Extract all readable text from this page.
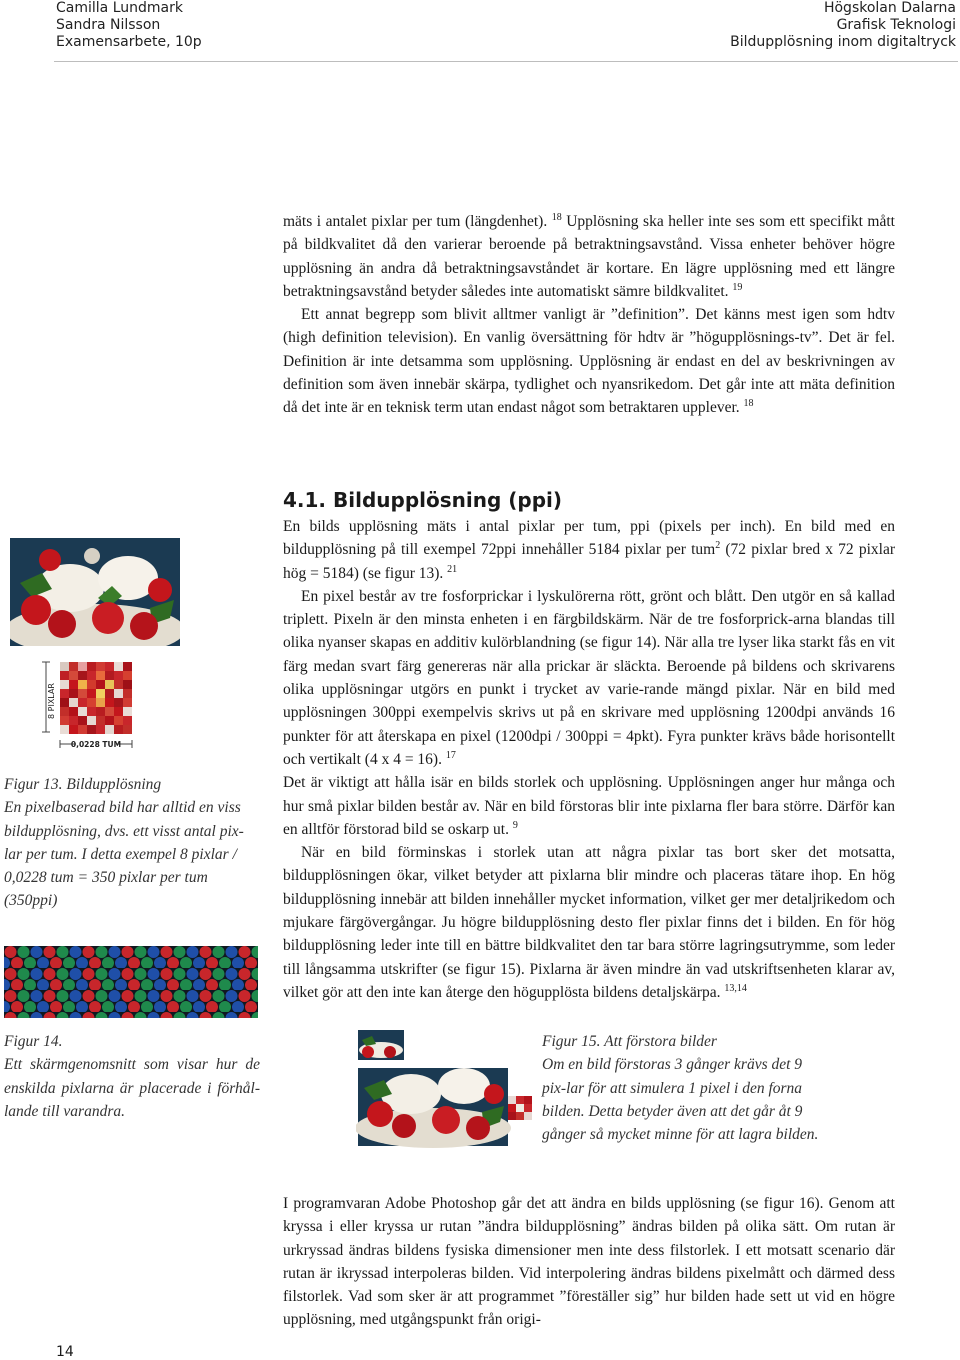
Camilla Lundmark
Sandra Nilsson
Examensarbete, 10p
Högskolan Dalarna
Grafisk Teknologi
Bildupplösning inom digitaltryck

mäts i antalet pixlar per tum (längdenhet). $^{18}$ Upplösning ska heller inte ses som ett specifikt mått på bildkvalitet då den varierar beroende på betraktningsavstånd. Vissa enheter behöver högre upplösning än andra då betraktningsavståndet är kortare. En lägre upplösning med ett längre betraktningsavstånd betyder således inte automatiskt sämre bildkvalitet. $^{19}$

Ett annat begrepp som blivit alltmer vanligt är ”definition”. Det känns mest igen som hdtv (high definition television). En vanlig översättning för hdtv är ”högupplösnings-tv”. Det är fel. Definition är inte detsamma som upplösning. Upplösning är endast en del av beskrivningen av definition som även innebär skärpa, tydlighet och nyansrikedom. Det går inte att mäta definition då det inte är en teknisk term utan endast något som betraktaren upplever. $^{18}$

4.1. Bildupplösning (ppi)

En bilds upplösning mäts i antal pixlar per tum, ppi (pixels per inch). En bild med en bildupplösning på till exempel 72ppi innehåller 5184 pixlar per tum$^2$ (72 pixlar bred x 72 pixlar hög = 5184) (se figur 13). $^{21}$

En pixel består av tre fosforprickar i lyskulörerna rött, grönt och blått. Den utgör en så kallad triplett. Pixeln är den minsta enheten i en färgbildskärm. När de tre fosforprick-arna blandas till olika nyanser skapas en additiv kulörblandning (se figur 14). När alla tre lyser lika starkt fås en vit färg medan svart färg genereras när alla prickar är släckta. Beroende på bildens och skrivarens olika upplösningar utgörs en punkt i trycket av varie-rande mängd pixlar. När en bild med upplösningen 300ppi exempelvis skrivs ut på en skrivare med upplösning 1200dpi används 16 punkter för att återskapa en pixel (1200dpi / 300ppi = 4pkt). Fyra punkter krävs både horisontellt och vertikalt (4 x 4 = 16). $^{17}$

Det är viktigt att hålla isär en bilds storlek och upplösning. Upplösningen anger hur många och hur små pixlar bilden består av. När en bild förstoras blir inte pixlarna fler bara större. Därför kan en alltför förstorad bild se oskarp ut. $^9$

När en bild förminskas i storlek utan att några pixlar tas bort sker det motsatta, bildupplösningen ökar, vilket betyder att pixlarna blir mindre och placeras tätare ihop. En hög bildupplösning innebär att bilden innehåller mycket information, vilket ger mer detaljrikedom och mjukare färgövergångar. Ju högre bildupplösning desto fler pixlar finns det i bilden. En för hög bildupplösning leder inte till en bättre bildkvalitet den tar bara större lagringsutrymme, som leder till långsamma utskrifter (se figur 15). Pixlarna är även mindre än vad utskriftsenheten klarar av, vilket gör att den inte kan återge den högupplösta bildens detaljskärpa. $^{13,14}$

8 PIXLAR
0,0228 TUM

Figur 13. Bildupplösning

En pixelbaserad bild har alltid en viss bildupplösning, dvs. ett visst antal pix-lar per tum. I detta exempel 8 pixlar / 0,0228 tum = 350 pixlar per tum (350ppi)

Figur 14.

Ett skärmgenomsnitt som visar hur de enskilda pixlarna är placerade i förhål-lande till varandra.

Figur 15. Att förstora bilder

Om en bild förstoras 3 gånger krävs det 9 pix-lar för att simulera 1 pixel i den forna bilden. Detta betyder även att det går åt 9 gånger så mycket minne för att lagra bilden.

I programvaran Adobe Photoshop går det att ändra en bilds upplösning (se figur 16). Genom att kryssa i eller kryssa ur rutan ”ändra bildupplösning” ändras bilden på olika sätt. Om rutan är urkryssad ändras bildens fysiska dimensioner men inte dess filstorlek. I ett motsatt scenario där rutan är ikryssad interpoleras bilden. Vid interpolering ändras bildens pixelmått och därmed dess filstorlek. Vad som sker är att programmet ”föreställer sig” hur bilden hade sett ut vid en högre upplösning, med utgångspunkt från origi-

14
